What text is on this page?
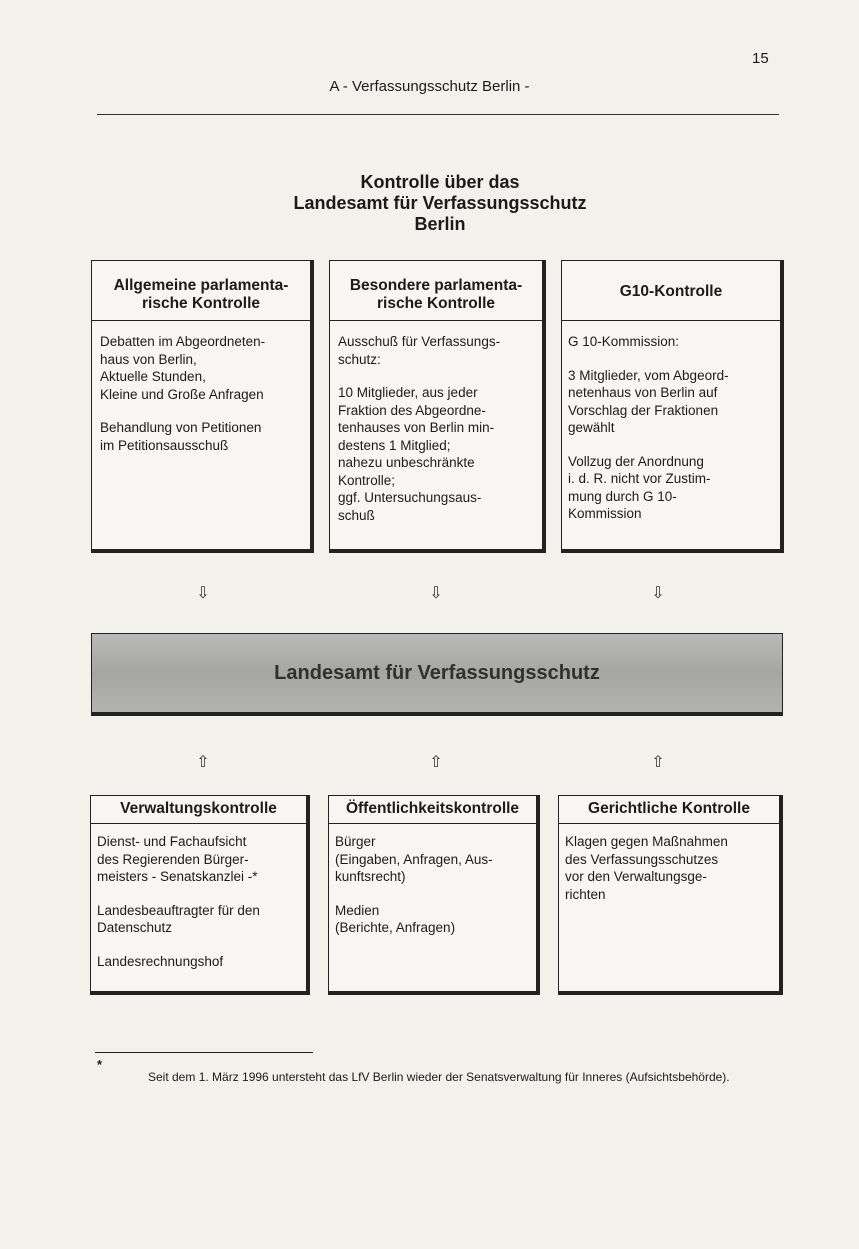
15
A - Verfassungsschutz Berlin -
Kontrolle über das
Landesamt für Verfassungsschutz
Berlin
Allgemeine parlamenta-
rische Kontrolle

Debatten im Abgeordneten-
haus von Berlin,
Aktuelle Stunden,
Kleine und Große Anfragen

Behandlung von Petitionen
im Petitionsausschuß

Besondere parlamenta-
rische Kontrolle

Ausschuß für Verfassungs-
schutz:

10 Mitglieder, aus jeder
Fraktion des Abgeordne-
tenhauses von Berlin min-
destens 1 Mitglied;
nahezu unbeschränkte
Kontrolle;
ggf. Untersuchungsaus-
schuß

G10-Kontrolle

G 10-Kommission:

3 Mitglieder, vom Abgeord-
netenhaus von Berlin auf
Vorschlag der Fraktionen
gewählt

Vollzug der Anordnung
i. d. R. nicht vor Zustim-
mung durch G 10-
Kommission

⇩	⇩	⇩
Landesamt für Verfassungsschutz
⇧	⇧	⇧
Verwaltungskontrolle

Dienst- und Fachaufsicht
des Regierenden Bürger-
meisters - Senatskanzlei -*

Landesbeauftragter für den
Datenschutz

Landesrechnungshof

Öffentlichkeitskontrolle

Bürger
(Eingaben, Anfragen, Aus-
kunftsrecht)

Medien
(Berichte, Anfragen)

Gerichtliche Kontrolle

Klagen gegen Maßnahmen
des Verfassungsschutzes
vor den Verwaltungsge-
richten

*
Seit dem 1. März 1996 untersteht das LfV Berlin wieder der Senatsverwaltung für Inneres (Aufsichtsbehörde).
